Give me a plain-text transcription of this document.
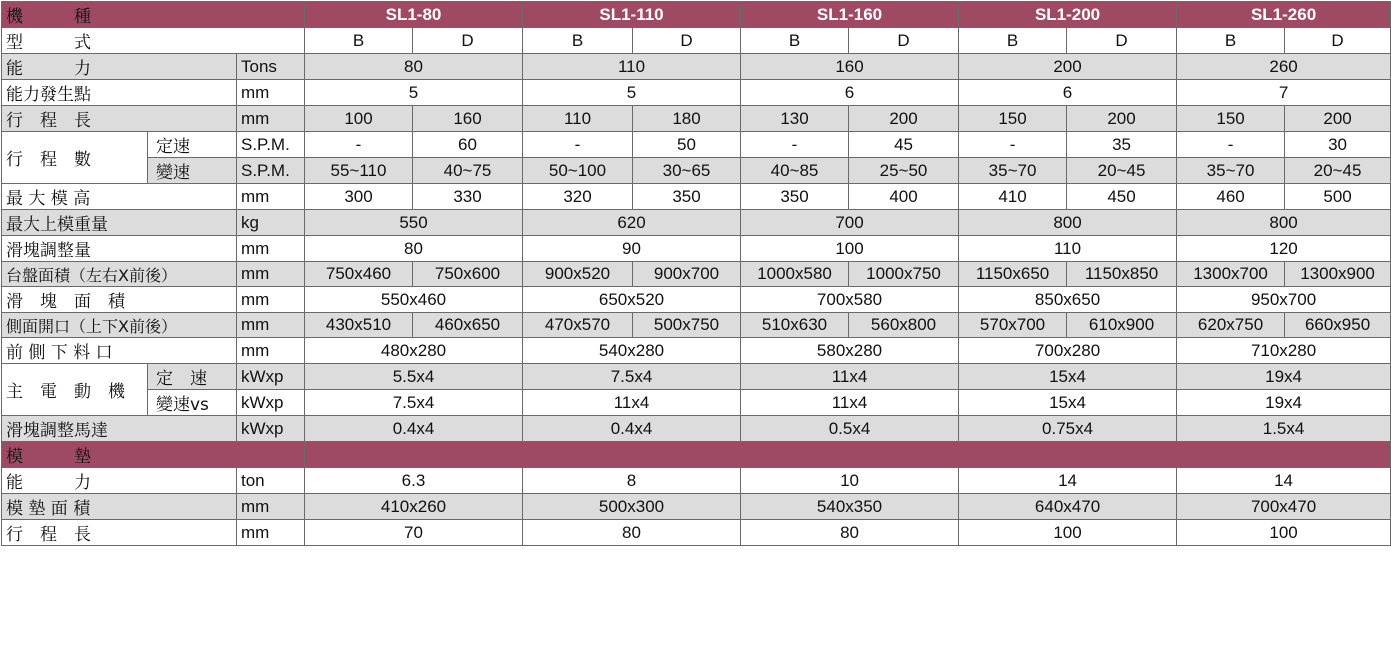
機　　　種			SL1-80		SL1-110		SL1-160		SL1-200		SL1-260	
型　　　式			B	D	B	D	B	D	B	D	B	D
能　　　力		Tons	80		110		160		200		260	
能力發生點		mm	5		5		6		6		7	
行　程　長		mm	100	160	110	180	130	200	150	200	150	200
行　程　數	定速	S.P.M.	-	60	-	50	-	45	-	35	-	30
	變速	S.P.M.	55~110	40~75	50~100	30~65	40~85	25~50	35~70	20~45	35~70	20~45
最 大 模 高		mm	300	330	320	350	350	400	410	450	460	500
最大上模重量		kg	550		620		700		800		800	
滑塊調整量		mm	80		90		100		110		120	
台盤面積（左右X前後）		mm	750x460	750x600	900x520	900x700	1000x580	1000x750	1150x650	1150x850	1300x700	1300x900
滑　塊　面　積		mm	550x460		650x520		700x580		850x650		950x700	
側面開口（上下X前後）		mm	430x510	460x650	470x570	500x750	510x630	560x800	570x700	610x900	620x750	660x950
前 側 下 料 口		mm	480x280		540x280		580x280		700x280		710x280	
主　電　動　機	定　速	kWxp	5.5x4		7.5x4		11x4		15x4		19x4	
	變速vs	kWxp	7.5x4		11x4		11x4		15x4		19x4	
滑塊調整馬達		kWxp	0.4x4		0.4x4		0.5x4		0.75x4		1.5x4	
模　　　墊												
能　　　力		ton	6.3		8		10		14		14	
模 墊 面 積		mm	410x260		500x300		540x350		640x470		700x470	
行　程　長		mm	70		80		80		100		100	
